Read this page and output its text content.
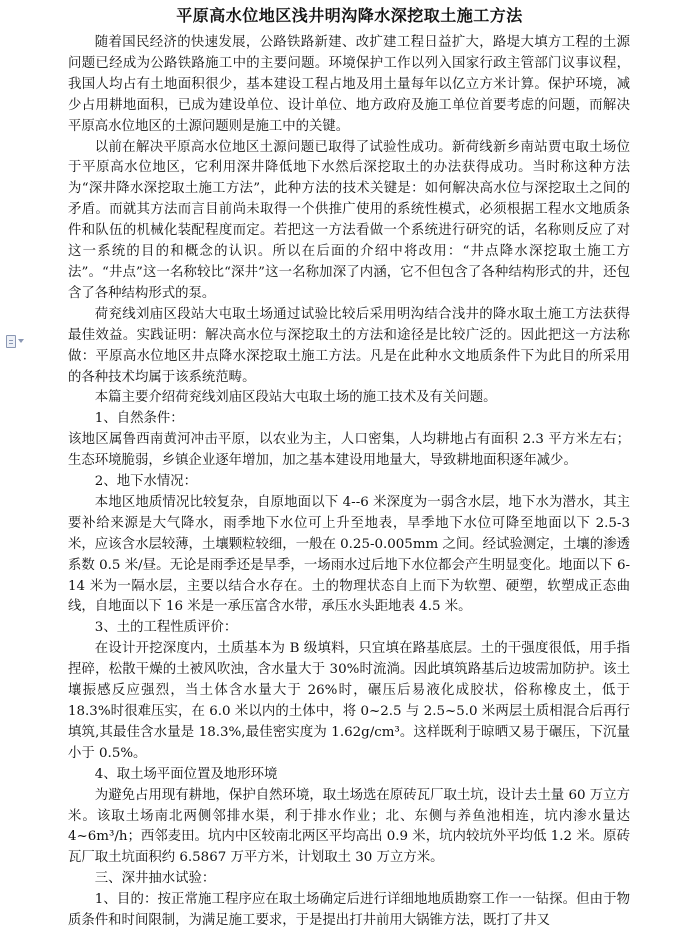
平原高水位地区浅井明沟降水深挖取土施工方法

随着国民经济的快速发展，公路铁路新建、改扩建工程日益扩大，路堤大填方工程的土源问题已经成为公路铁路施工中的主要问题。环境保护工作以列入国家行政主管部门议事议程，我国人均占有土地面积很少，基本建设工程占地及用土量每年以亿立方米计算。保护环境，减少占用耕地面积，已成为建设单位、设计单位、地方政府及施工单位首要考虑的问题，而解决平原高水位地区的土源问题则是施工中的关键。

以前在解决平原高水位地区土源问题已取得了试验性成功。新荷线新乡南站贾屯取土场位于平原高水位地区，它利用深井降低地下水然后深挖取土的办法获得成功。当时称这种方法为“深井降水深挖取土施工方法”，此种方法的技术关键是：如何解决高水位与深挖取土之间的矛盾。而就其方法而言目前尚未取得一个供推广使用的系统性模式，必须根据工程水文地质条件和队伍的机械化装配程度而定。若把这一方法看做一个系统进行研究的话，名称则反应了对这一系统的目的和概念的认识。所以在后面的介绍中将改用：“井点降水深挖取土施工方法”。“井点”这一名称较比“深井”这一名称加深了内涵，它不但包含了各种结构形式的井，还包含了各种结构形式的泵。

荷兖线刘庙区段站大屯取土场通过试验比较后采用明沟结合浅井的降水取土施工方法获得最佳效益。实践证明：解决高水位与深挖取土的方法和途径是比较广泛的。因此把这一方法称做：平原高水位地区井点降水深挖取土施工方法。凡是在此种水文地质条件下为此目的所采用的各种技术均属于该系统范畴。

本篇主要介绍荷兖线刘庙区段站大屯取土场的施工技术及有关问题。

1、自然条件：

该地区属鲁西南黄河冲击平原，以农业为主，人口密集，人均耕地占有面积 2.3 平方米左右；生态环境脆弱，乡镇企业逐年增加，加之基本建设用地量大，导致耕地面积逐年减少。

2、地下水情况：

本地区地质情况比较复杂，自原地面以下 4--6 米深度为一弱含水层，地下水为潜水，其主要补给来源是大气降水，雨季地下水位可上升至地表，旱季地下水位可降至地面以下 2.5-3 米，应该含水层较薄，土壤颗粒较细，一般在 0.25-0.005mm 之间。经试验测定，土壤的渗透系数 0.5 米/昼。无论是雨季还是旱季，一场雨水过后地下水位都会产生明显变化。地面以下 6-14 米为一隔水层，主要以结合水存在。土的物理状态自上而下为软塑、硬塑，软塑成正态曲线，自地面以下 16 米是一承压富含水带，承压水头距地表 4.5 米。

3、土的工程性质评价：

在设计开挖深度内，土质基本为 B 级填料，只宜填在路基底层。土的干强度很低，用手指捏碎，松散干燥的土被风吹浊，含水量大于 30%时流淌。因此填筑路基后边坡需加防护。该土壤振感反应强烈，当土体含水量大于 26%时，碾压后易液化成胶状，俗称橡皮土，低于 18.3%时很难压实，在 6.0 米以内的土体中，将 0~2.5 与 2.5~5.0 米两层土质相混合后再行填筑,其最佳含水量是 18.3%,最佳密实度为 1.62g/cm³。这样既利于晾晒又易于碾压，下沉量小于 0.5%。

4、取土场平面位置及地形环境

为避免占用现有耕地，保护自然环境，取土场选在原砖瓦厂取土坑，设计去土量 60 万立方米。该取土场南北两侧邻排水渠，利于排水作业；北、东侧与养鱼池相连，坑内渗水量达 4~6m³/h；西邻麦田。坑内中区较南北两区平均高出 0.9 米，坑内较坑外平均低 1.2 米。原砖瓦厂取土坑面积约 6.5867 万平方米，计划取土 30 万立方米。

三、深井抽水试验：

1、目的：按正常施工程序应在取土场确定后进行详细地地质勘察工作一一钻探。但由于物质条件和时间限制，为满足施工要求，于是提出打井前用大锅锥方法，既打了井又
